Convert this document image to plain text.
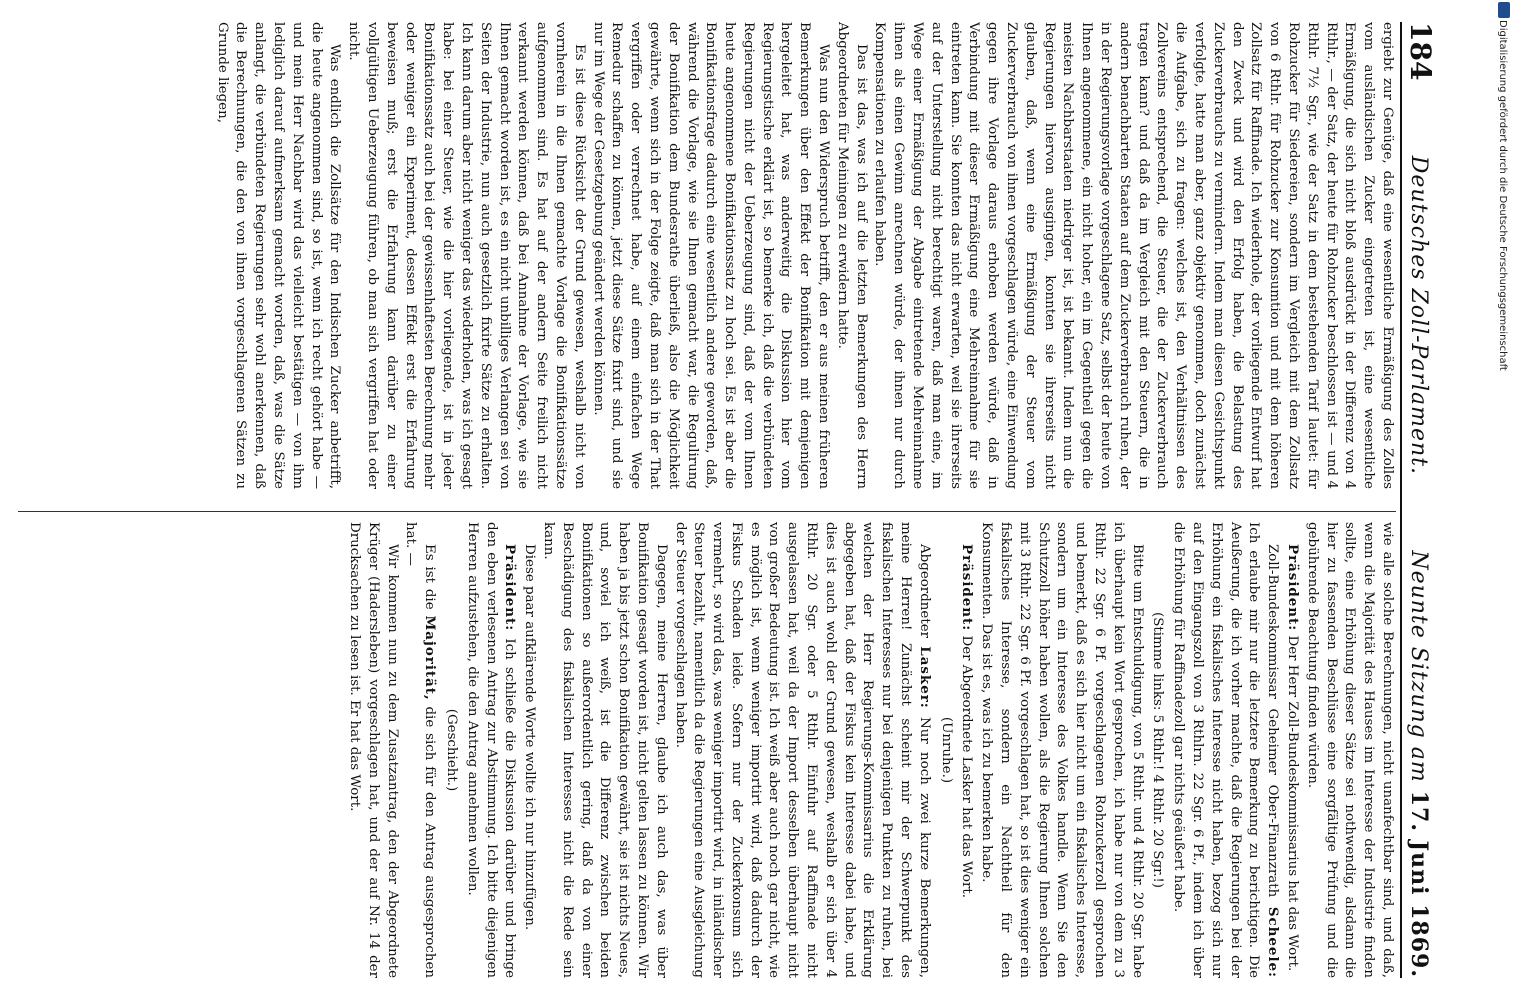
184
Deutsches Zoll-Parlament.
Neunte Sitzung am 17. Juni 1869.

ergiebt zur Genüge, daß eine wesentliche Ermäßigung des Zolles vom ausländischen Zucker eingetreten ist, eine wesentliche Ermäßigung, die sich nicht bloß ausdrückt in der Differenz von 4 Rthlr., — der Satz, der heute für Rohzucker beschlossen ist — und 4 Rthlr. 7½ Sgr., wie der Satz in dem bestehenden Tarif lautet: für Rohzucker für Siedereien, sondern im Vergleich mit dem Zollsatz von 6 Rthlr. für Rohzucker zur Konsumtion und mit dem höheren Zollsatz für Raffinade. Ich wiederhole, der vorliegende Entwurf hat den Zweck und wird den Erfolg haben, die Belastung des Zuckerverbrauchs zu vermindern. Indem man diesen Gesichtspunkt verfolgte, hatte man aber, ganz objektiv genommen, doch zunächst die Aufgabe, sich zu fragen: welches ist, den Verhältnissen des Zollvereins entsprechend, die Steuer, die der Zuckerverbrauch tragen kann? und daß da im Vergleich mit den Steuern, die in andern benachbarten Staaten auf dem Zuckerverbrauch ruhen, der in der Regierungsvorlage vorgeschlagene Satz, selbst der heute von Ihnen angenommene, ein nicht hoher, ein im Gegentheil gegen die meisten Nachbarstaaten niedriger ist, ist bekannt. Indem nun die Regierungen hiervon ausgingen, konnten sie ihrerseits nicht glauben, daß, wenn eine Ermäßigung der Steuer vom Zuckerverbrauch von ihnen vorgeschlagen würde, eine Einwendung gegen ihre Vorlage daraus erhoben werden würde, daß in Verbindung mit dieser Ermäßigung eine Mehreinnahme für sie eintreten kann. Sie konnten das nicht erwarten, weil sie ihrerseits auf der Unterstellung nicht berechtigt waren, daß man eine, im Wege einer Ermäßigung der Abgabe eintretende Mehreinnahme ihnen als einen Gewinn anrechnen würde, der ihnen nur durch Kompensationen zu erlaufen haben.

Das ist das, was ich auf die letzten Bemerkungen des Herrn Abgeordneten für Meiningen zu erwidern hatte.

Was nun den Widerspruch betrifft, den er aus meinen früheren Bemerkungen über den Effekt der Bonifikation mit demjenigen hergeleitet hat, was anderweitig die Diskussion hier vom Regierungstische erklärt ist, so bemerke ich, daß die verbündeten Regierungen nicht der Ueberzeugung sind, daß der vom Ihnen heute angenommene Bonifikationssatz zu hoch sei. Es ist aber die Bonifikationsfrage dadurch eine wesentlich andere geworden, daß, während die Vorlage, wie sie Ihnen gemacht war, die Regulirung der Bonifikation dem Bundesrathe überließ, also die Möglichkeit gewährte, wenn sich in der Folge zeigte, daß man sich in der That vergriffen oder verrechnet habe, auf einem einfachen Wege Remedur schaffen zu können, jetzt diese Sätze fixirt sind, und sie nur im Wege der Gesetzgebung geändert werden können.

Es ist diese Rücksicht der Grund gewesen, weshalb nicht von vornherein in die Ihnen gemachte Vorlage die Bonifikationssätze aufgenommen sind. Es hat auf der andern Seite freilich nicht verkannt werden können, daß bei Annahme der Vorlage, wie sie Ihnen gemacht worden ist, es ein nicht unbilliges Verlangen sei von Seiten der Industrie, nun auch gesetzlich fixirte Sätze zu erhalten. Ich kann darum aber nicht weniger das wiederholen, was ich gesagt habe: bei einer Steuer, wie die hier vorliegende, ist in jeder Bonifikationssatz auch bei der gewissenhaftesten Berechnung mehr oder weniger ein Experiment, dessen Effekt erst die Erfahrung beweisen muß; erst die Erfahrung kann darüber zu einer vollgültigen Ueberzeugung führen, ob man sich vergriffen hat oder nicht.

Was endlich die Zollsätze für den Indischen Zucker anbetrifft, die heute angenommen sind, so ist, wenn ich recht gehört habe — und mein Herr Nachbar wird das vielleicht bestätigen — von ihm lediglich darauf aufmerksam gemacht worden, daß, was die Sätze anlangt, die verbündeten Regierungen sehr wohl anerkennen, daß die Berechnungen, die den von ihnen vorgeschlagenen Sätzen zu Grunde liegen,

wie alle solche Berechnungen, nicht unanfechtbar sind, und daß, wenn die Majorität des Hauses im Interesse der Industrie finden sollte, eine Erhöhung dieser Sätze sei nothwendig, alsdann die hier zu fassenden Beschlüsse eine sorgfältige Prüfung und die gebührende Beachtung finden würden.

Präsident: Der Herr Zoll-Bundeskommissarius hat das Wort.

Zoll-Bundeskommissar Geheimer Ober-Finanzrath Scheele: Ich erlaube mir nur die letztere Bemerkung zu berichtigen. Die Aeußerung, die ich vorher machte, daß die Regierungen bei der Erhöhung ein fiskalisches Interesse nicht haben, bezog sich nur auf den Eingangszoll von 3 Rthlrn. 22 Sgr. 6 Pf., indem ich über die Erhöhung für Raffinadezoll gar nichts geäußert habe.

(Stimme links: 5 Rthlr.! 4 Rthlr. 20 Sgr.!)

Bitte um Entschuldigung, von 5 Rthlr. und 4 Rthlr. 20 Sgr. habe ich überhaupt kein Wort gesprochen, ich habe nur von dem zu 3 Rthlr. 22 Sgr. 6 Pf. vorgeschlagenen Rohzuckerzoll gesprochen und bemerkt, daß es sich hier nicht um ein fiskalisches Interesse, sondern um ein Interesse des Volkes handle. Wenn Sie den Schutzzoll höher haben wollen, als die Regierung Ihnen solchen mit 3 Rthlr. 22 Sgr. 6 Pf. vorgeschlagen hat, so ist dies weniger ein fiskalisches Interesse, sondern ein Nachtheil für den Konsumenten. Das ist es, was ich zu bemerken habe.

Präsident: Der Abgeordnete Lasker hat das Wort.

(Unruhe.)

Abgeordneter Lasker: Nur noch zwei kurze Bemerkungen, meine Herren! Zunächst scheint mir der Schwerpunkt des fiskalischen Interesses nur bei denjenigen Punkten zu ruhen, bei welchen der Herr Regierungs-Kommissarius die Erklärung abgegeben hat, daß der Fiskus kein Interesse dabei habe, und dies ist auch wohl der Grund gewesen, weshalb er sich über 4 Rthlr. 20 Sgr. oder 5 Rthlr. Einfuhr auf Raffinade nicht ausgelassen hat, weil da der Import desselben überhaupt nicht von großer Bedeutung ist. Ich weiß aber auch noch gar nicht, wie es möglich ist, wenn weniger importirt wird, daß dadurch der Fiskus Schaden leide. Sofern nur der Zuckerkonsum sich vermehrt, so wird das, was weniger importirt wird, in inländischer Steuer bezahlt, namentlich da die Regierungen eine Ausgleichung der Steuer vorgeschlagen haben.

Dagegen, meine Herren, glaube ich auch das, was über Bonifikation gesagt worden ist, nicht gelten lassen zu können. Wir haben ja bis jetzt schon Bonifikation gewährt, sie ist nichts Neues, und, soviel ich weiß, ist die Differenz zwischen beiden Bonifikationen so außerordentlich gering, daß da von einer Beschädigung des fiskalischen Interesses nicht die Rede sein kann.

Diese paar aufklärende Worte wollte ich nur hinzufügen.

Präsident: Ich schließe die Diskussion darüber und bringe den eben verlesenen Antrag zur Abstimmung. Ich bitte diejenigen Herren aufzustehen, die den Antrag annehmen wollen.

(Geschieht.)

Es ist die Majorität, die sich für den Antrag ausgesprochen hat. —

Wir kommen nun zu dem Zusatzantrag, den der Abgeordnete Krüger (Hadersleben) vorgeschlagen hat, und der auf Nr. 14 der Drucksachen zu lesen ist. Er hat das Wort.

Digitalisierung gefördert durch die Deutsche Forschungsgemeinschaft
